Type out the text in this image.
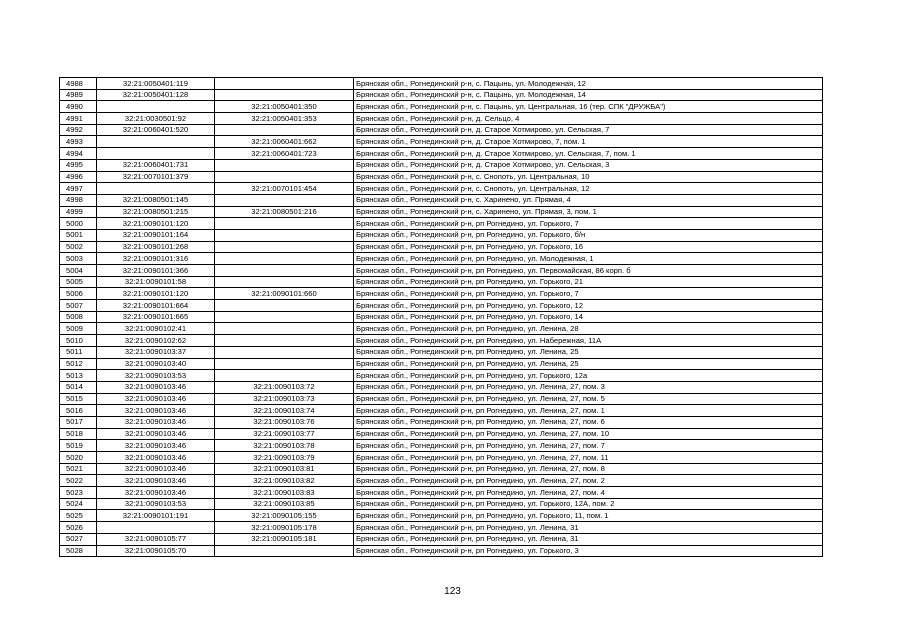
4988	32:21:0050401:119		Брянская обл., Рогнединский р-н, с. Пацынь, ул. Молодежная, 12
4989	32:21:0050401:128		Брянская обл., Рогнединский р-н, с. Пацынь, ул. Молодежная, 14
4990		32:21:0050401:350	Брянская обл., Рогнединский р-н, с. Пацынь, ул. Центральная, 16 (тер. СПК "ДРУЖБА")
4991	32:21:0030501:92	32:21:0050401:353	Брянская обл., Рогнединский р-н, д. Сельцо, 4
4992	32:21:0060401:520		Брянская обл., Рогнединский р-н, д. Старое Хотмирово, ул. Сельская, 7
4993		32:21:0060401:662	Брянская обл., Рогнединский р-н, д. Старое Хотмирово, 7, пом. 1
4994		32:21:0060401:723	Брянская обл., Рогнединский р-н, д. Старое Хотмирово, ул. Сельская, 7, пом. 1
4995	32:21:0060401:731		Брянская обл., Рогнединский р-н, д. Старое Хотмирово, ул. Сельская, 3
4996	32:21:0070101:379		Брянская обл., Рогнединский р-н, с. Снопоть, ул. Центральная, 10
4997		32:21:0070101:454	Брянская обл., Рогнединский р-н, с. Снопоть, ул. Центральная, 12
4998	32:21:0080501:145		Брянская обл., Рогнединский р-н, с. Харинено, ул. Прямая, 4
4999	32:21:0080501:215	32:21:0080501:216	Брянская обл., Рогнединский р-н, с. Харинено, ул. Прямая, 3, пом. 1
5000	32:21:0090101:120		Брянская обл., Рогнединский р-н, рп Рогнедино, ул. Горького, 7
5001	32:21:0090101:164		Брянская обл., Рогнединский р-н, рп Рогнедино, ул. Горького, б/н
5002	32:21:0090101:268		Брянская обл., Рогнединский р-н, рп Рогнедино, ул. Горького, 16
5003	32:21:0090101:316		Брянская обл., Рогнединский р-н, рп Рогнедино, ул. Молодежная, 1
5004	32:21:0090101:366		Брянская обл., Рогнединский р-н, рп Рогнедино, ул. Первомайская, 86 корп. б
5005	32:21:0090101:58		Брянская обл., Рогнединский р-н, рп Рогнедино, ул. Горького, 21
5006	32:21:0090101:120	32:21:0090101:660	Брянская обл., Рогнединский р-н, рп Рогнедино, ул. Горького, 7
5007	32:21:0090101:664		Брянская обл., Рогнединский р-н, рп Рогнедино, ул. Горького, 12
5008	32:21:0090101:665		Брянская обл., Рогнединский р-н, рп Рогнедино, ул. Горького, 14
5009	32:21:0090102:41		Брянская обл., Рогнединский р-н, рп Рогнедино, ул. Ленина, 28
5010	32:21:0090102:62		Брянская обл., Рогнединский р-н, рп Рогнедино, ул. Набережная, 11А
5011	32:21:0090103:37		Брянская обл., Рогнединский р-н, рп Рогнедино, ул. Ленина, 25
5012	32:21:0090103:40		Брянская обл., Рогнединский р-н, рп Рогнедино, ул. Ленина, 25
5013	32:21:0090103:53		Брянская обл., Рогнединский р-н, рп Рогнедино, ул. Горького, 12а
5014	32:21:0090103:46	32:21:0090103:72	Брянская обл., Рогнединский р-н, рп Рогнедино, ул. Ленина, 27, пом. 3
5015	32:21:0090103:46	32:21:0090103:73	Брянская обл., Рогнединский р-н, рп Рогнедино, ул. Ленина, 27, пом. 5
5016	32:21:0090103:46	32:21:0090103:74	Брянская обл., Рогнединский р-н, рп Рогнедино, ул. Ленина, 27, пом. 1
5017	32:21:0090103:46	32:21:0090103:76	Брянская обл., Рогнединский р-н, рп Рогнедино, ул. Ленина, 27, пом. 6
5018	32:21:0090103:46	32:21:0090103:77	Брянская обл., Рогнединский р-н, рп Рогнедино, ул. Ленина, 27, пом. 10
5019	32:21:0090103:46	32:21:0090103:78	Брянская обл., Рогнединский р-н, рп Рогнедино, ул. Ленина, 27, пом. 7
5020	32:21:0090103:46	32:21:0090103:79	Брянская обл., Рогнединский р-н, рп Рогнедино, ул. Ленина, 27, пом. 11
5021	32:21:0090103:46	32:21:0090103:81	Брянская обл., Рогнединский р-н, рп Рогнедино, ул. Ленина, 27, пом. 8
5022	32:21:0090103:46	32:21:0090103:82	Брянская обл., Рогнединский р-н, рп Рогнедино, ул. Ленина, 27, пом. 2
5023	32:21:0090103:46	32:21:0090103:83	Брянская обл., Рогнединский р-н, рп Рогнедино, ул. Ленина, 27, пом. 4
5024	32:21:0090103:53	32:21:0090103:85	Брянская обл., Рогнединский р-н, рп Рогнедино, ул. Горького, 12А, пом. 2
5025	32:21:0090101:191	32:21:0090105:155	Брянская обл., Рогнединский р-н, рп Рогнедино, ул. Горького, 11, пом. 1
5026		32:21:0090105:178	Брянская обл., Рогнединский р-н, рп Рогнедино, ул. Ленина, 31
5027	32:21:0090105:77	32:21:0090105:181	Брянская обл., Рогнединский р-н, рп Рогнедино, ул. Ленина, 31
5028	32:21:0090105:70		Брянская обл., Рогнединский р-н, рп Рогнедино, ул. Горького, 3
123
